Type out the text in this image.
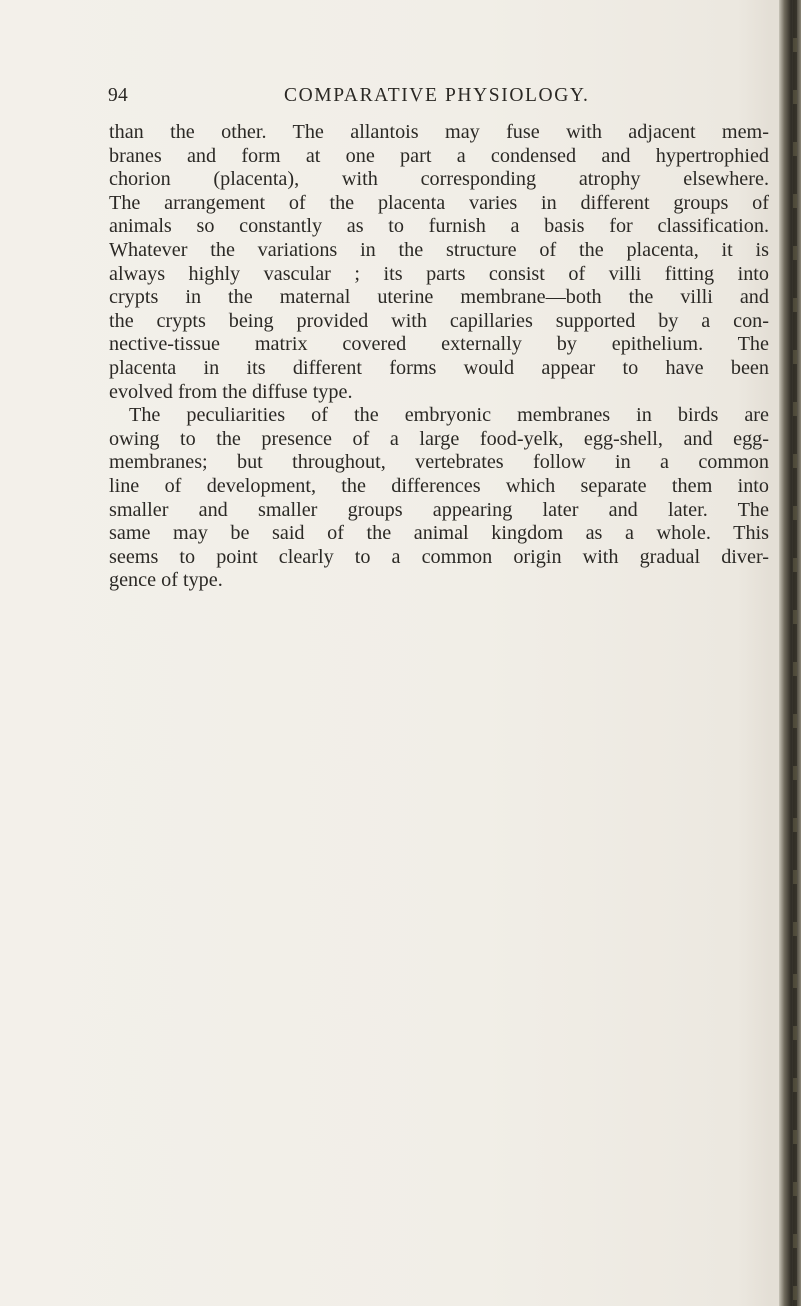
94	COMPARATIVE PHYSIOLOGY.
than the other. The allantois may fuse with adjacent mem-
branes and form at one part a condensed and hypertrophied
chorion (placenta), with corresponding atrophy elsewhere.
The arrangement of the placenta varies in different groups of
animals so constantly as to furnish a basis for classification.
Whatever the variations in the structure of the placenta, it is
always highly vascular ; its parts consist of villi fitting into
crypts in the maternal uterine membrane—both the villi and
the crypts being provided with capillaries supported by a con-
nective-tissue matrix covered externally by epithelium. The
placenta in its different forms would appear to have been
evolved from the diffuse type.
The peculiarities of the embryonic membranes in birds are
owing to the presence of a large food-yelk, egg-shell, and egg-
membranes; but throughout, vertebrates follow in a common
line of development, the differences which separate them into
smaller and smaller groups appearing later and later. The
same may be said of the animal kingdom as a whole. This
seems to point clearly to a common origin with gradual diver-
gence of type.
